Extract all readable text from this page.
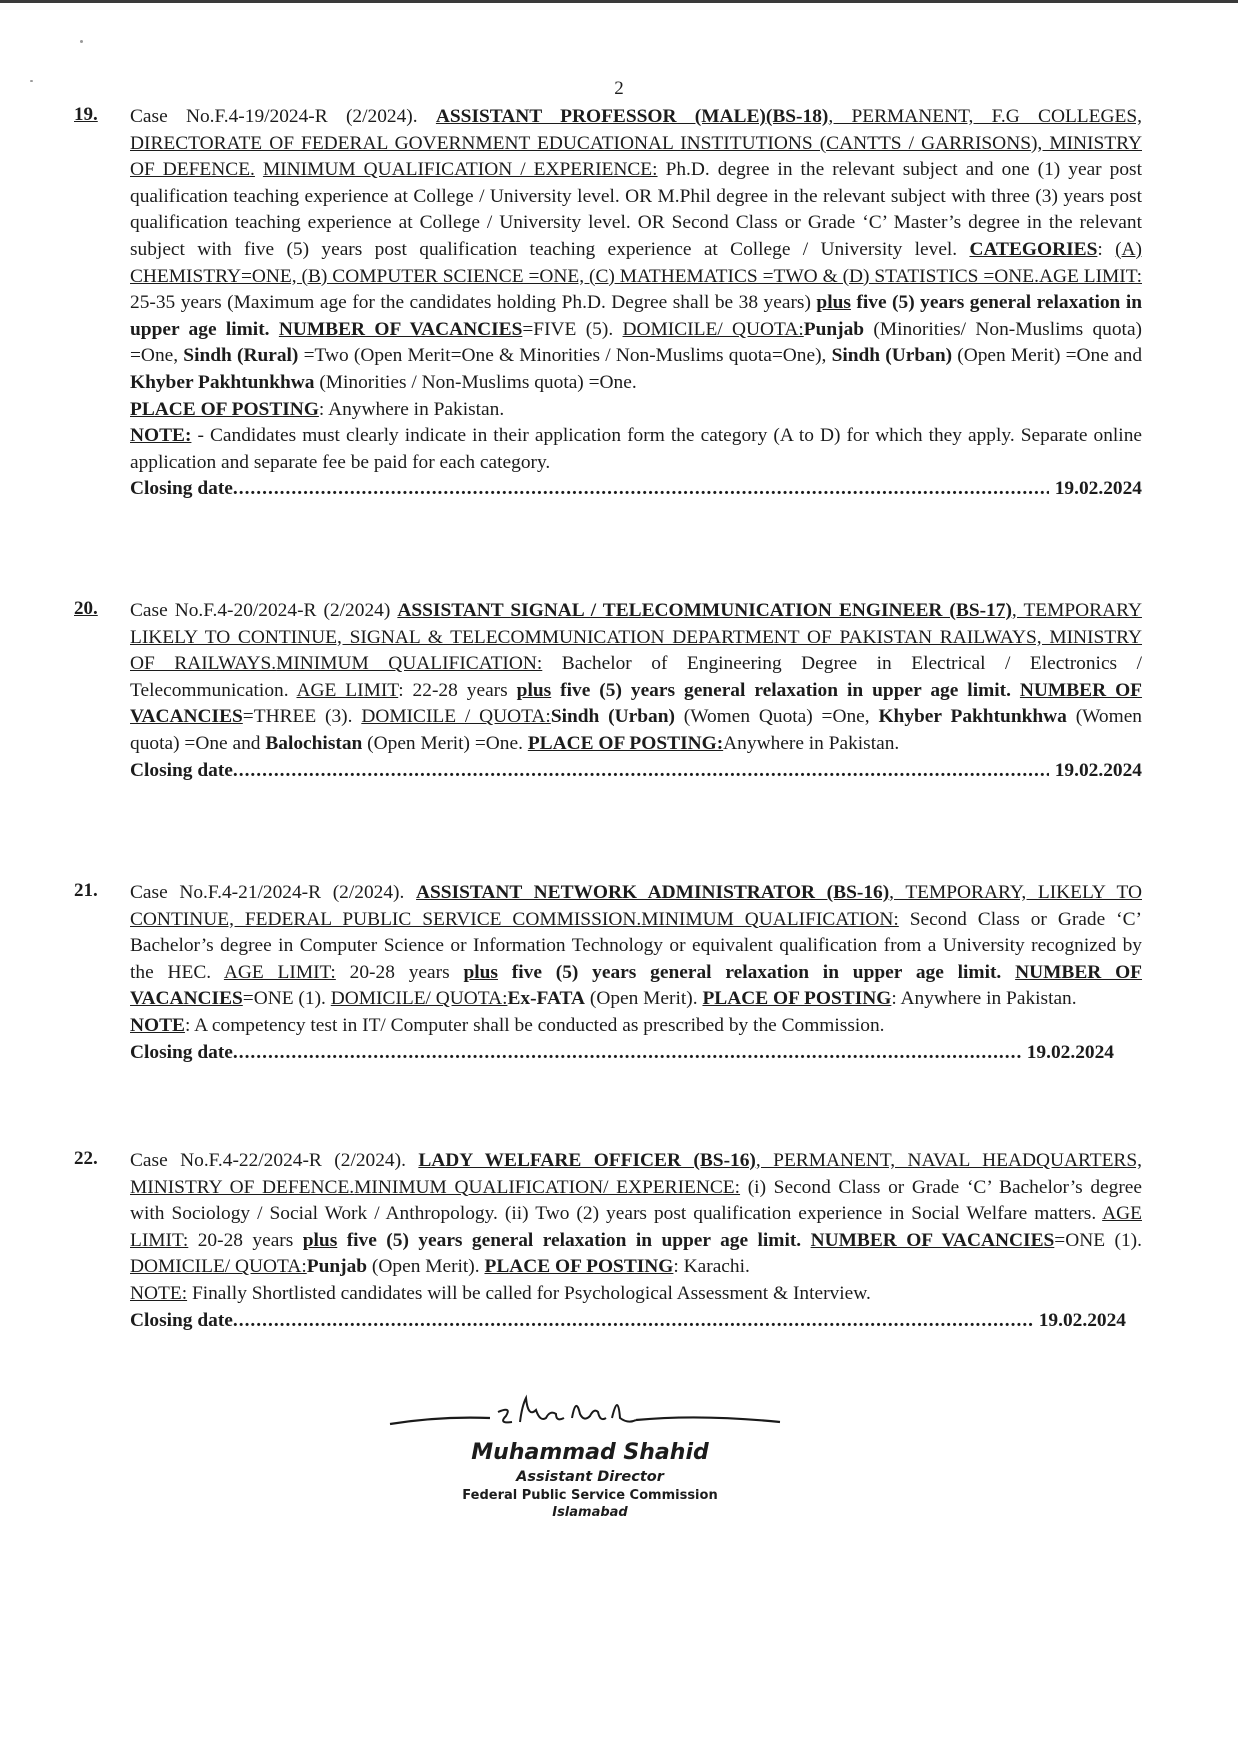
2
19.	Case No.F.4-19/2024-R (2/2024). ASSISTANT PROFESSOR (MALE)(BS-18), PERMANENT, F.G COLLEGES, DIRECTORATE OF FEDERAL GOVERNMENT EDUCATIONAL INSTITUTIONS (CANTTS / GARRISONS), MINISTRY OF DEFENCE. MINIMUM QUALIFICATION / EXPERIENCE: Ph.D. degree in the relevant subject and one (1) year post qualification teaching experience at College / University level. OR M.Phil degree in the relevant subject with three (3) years post qualification teaching experience at College / University level. OR Second Class or Grade ‘C’ Master’s degree in the relevant subject with five (5) years post qualification teaching experience at College / University level. CATEGORIES: (A) CHEMISTRY=ONE, (B) COMPUTER SCIENCE =ONE, (C) MATHEMATICS =TWO & (D) STATISTICS =ONE.AGE LIMIT: 25-35 years (Maximum age for the candidates holding Ph.D. Degree shall be 38 years) plus five (5) years general relaxation in upper age limit. NUMBER OF VACANCIES=FIVE (5). DOMICILE/ QUOTA:Punjab (Minorities/ Non-Muslims quota) =One, Sindh (Rural) =Two (Open Merit=One & Minorities / Non-Muslims quota=One), Sindh (Urban) (Open Merit) =One and Khyber Pakhtunkhwa (Minorities / Non-Muslims quota) =One.
PLACE OF POSTING: Anywhere in Pakistan.
NOTE: - Candidates must clearly indicate in their application form the category (A to D) for which they apply. Separate online application and separate fee be paid for each category.
Closing date .....	19.02.2024
20.	Case No.F.4-20/2024-R (2/2024) ASSISTANT SIGNAL / TELECOMMUNICATION ENGINEER (BS-17), TEMPORARY LIKELY TO CONTINUE, SIGNAL & TELECOMMUNICATION DEPARTMENT OF PAKISTAN RAILWAYS, MINISTRY OF RAILWAYS.MINIMUM QUALIFICATION: Bachelor of Engineering Degree in Electrical / Electronics / Telecommunication. AGE LIMIT: 22-28 years plus five (5) years general relaxation in upper age limit. NUMBER OF VACANCIES=THREE (3). DOMICILE / QUOTA:Sindh (Urban) (Women Quota) =One, Khyber Pakhtunkhwa (Women quota) =One and Balochistan (Open Merit) =One. PLACE OF POSTING:Anywhere in Pakistan.
Closing date .....	19.02.2024
21.	Case No.F.4-21/2024-R (2/2024). ASSISTANT NETWORK ADMINISTRATOR (BS-16), TEMPORARY, LIKELY TO CONTINUE, FEDERAL PUBLIC SERVICE COMMISSION.MINIMUM QUALIFICATION: Second Class or Grade ‘C’ Bachelor’s degree in Computer Science or Information Technology or equivalent qualification from a University recognized by the HEC. AGE LIMIT: 20-28 years plus five (5) years general relaxation in upper age limit. NUMBER OF VACANCIES=ONE (1). DOMICILE/ QUOTA:Ex-FATA (Open Merit). PLACE OF POSTING: Anywhere in Pakistan.
NOTE: A competency test in IT/ Computer shall be conducted as prescribed by the Commission.
Closing date .....	19.02.2024
22.	Case No.F.4-22/2024-R (2/2024). LADY WELFARE OFFICER (BS-16), PERMANENT, NAVAL HEADQUARTERS, MINISTRY OF DEFENCE.MINIMUM QUALIFICATION/ EXPERIENCE: (i) Second Class or Grade ‘C’ Bachelor’s degree with Sociology / Social Work / Anthropology. (ii) Two (2) years post qualification experience in Social Welfare matters. AGE LIMIT: 20-28 years plus five (5) years general relaxation in upper age limit. NUMBER OF VACANCIES=ONE (1). DOMICILE/ QUOTA:Punjab (Open Merit). PLACE OF POSTING: Karachi.
NOTE: Finally Shortlisted candidates will be called for Psychological Assessment & Interview.
Closing date .....	19.02.2024
Muhammad Shahid
Assistant Director
Federal Public Service Commission
Islamabad
